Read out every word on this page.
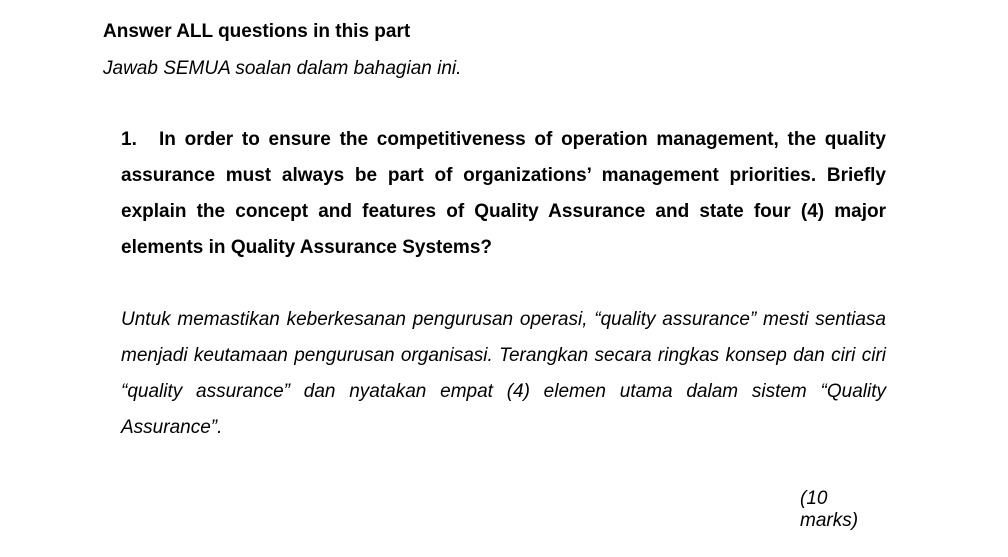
Answer ALL questions in this part
Jawab SEMUA soalan dalam bahagian ini.

1. In order to ensure the competitiveness of operation management, the quality assurance must always be part of organizations’ management priorities. Briefly explain the concept and features of Quality Assurance and state four (4) major elements in Quality Assurance Systems?

Untuk memastikan keberkesanan pengurusan operasi, “quality assurance” mesti sentiasa menjadi keutamaan pengurusan organisasi. Terangkan secara ringkas konsep dan ciri ciri “quality assurance” dan nyatakan empat (4) elemen utama dalam sistem “Quality Assurance”.

(10
marks)
